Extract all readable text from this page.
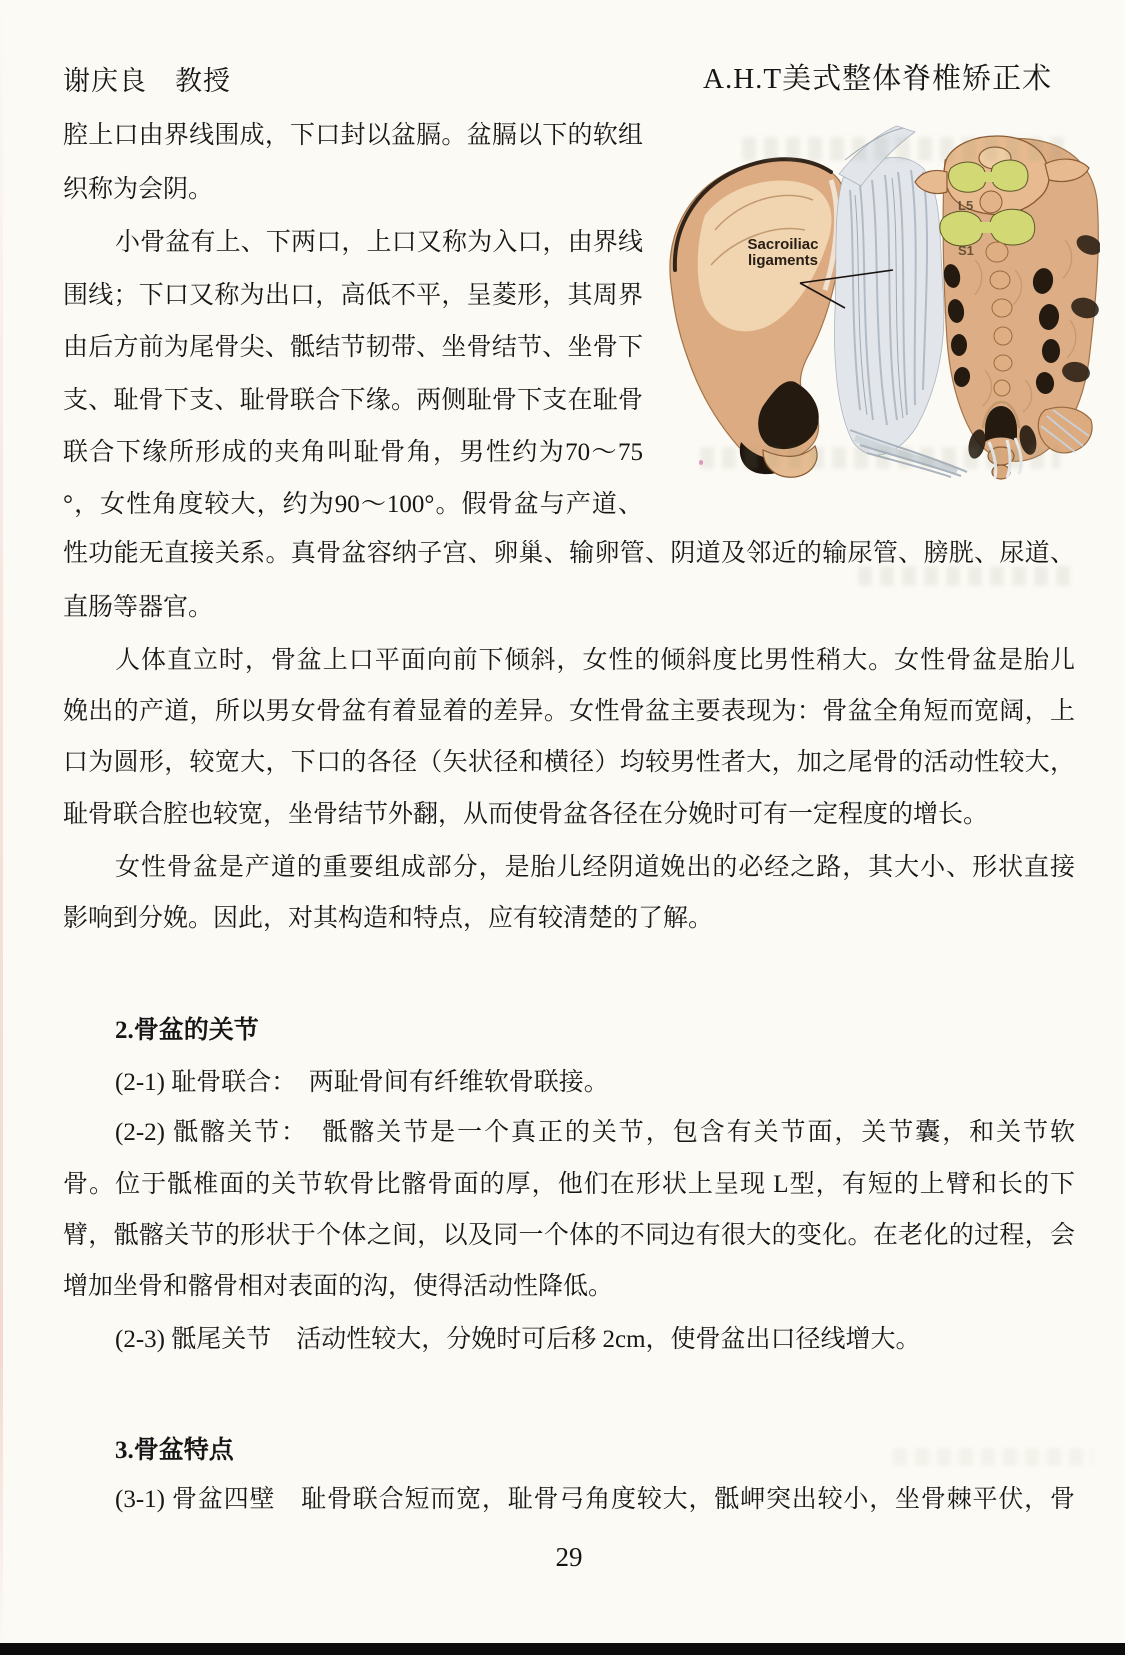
谢庆良　教授	A.H.T美式整体脊椎矫正术
Sacroiliac
ligaments
L5
S1
腔上口由界线围成，下口封以盆膈。盆膈以下的软组
织称为会阴。
小骨盆有上、下两口，上口又称为入口，由界线
围线；下口又称为出口，高低不平，呈菱形，其周界
由后方前为尾骨尖、骶结节韧带、坐骨结节、坐骨下
支、耻骨下支、耻骨联合下缘。两侧耻骨下支在耻骨
联合下缘所形成的夹角叫耻骨角，男性约为70～75
°，女性角度较大，约为90～100°。假骨盆与产道、
性功能无直接关系。真骨盆容纳子宫、卵巢、输卵管、阴道及邻近的输尿管、膀胱、尿道、
直肠等器官。
人体直立时，骨盆上口平面向前下倾斜，女性的倾斜度比男性稍大。女性骨盆是胎儿
娩出的产道，所以男女骨盆有着显着的差异。女性骨盆主要表现为：骨盆全角短而宽阔，上
口为圆形，较宽大，下口的各径（矢状径和横径）均较男性者大，加之尾骨的活动性较大，
耻骨联合腔也较宽，坐骨结节外翻，从而使骨盆各径在分娩时可有一定程度的增长。
女性骨盆是产道的重要组成部分，是胎儿经阴道娩出的必经之路，其大小、形状直接
影响到分娩。因此，对其构造和特点，应有较清楚的了解。
2.骨盆的关节
(2-1) 耻骨联合：　两耻骨间有纤维软骨联接。
(2-2) 骶髂关节：　骶髂关节是一个真正的关节，包含有关节面，关节囊，和关节软
骨。位于骶椎面的关节软骨比髂骨面的厚，他们在形状上呈现 L型，有短的上臂和长的下
臂，骶髂关节的形状于个体之间，以及同一个体的不同边有很大的变化。在老化的过程，会
增加坐骨和髂骨相对表面的沟，使得活动性降低。
(2-3) 骶尾关节　活动性较大，分娩时可后移 2cm，使骨盆出口径线增大。
3.骨盆特点
(3-1) 骨盆四壁　耻骨联合短而宽，耻骨弓角度较大，骶岬突出较小，坐骨棘平伏，骨
29
